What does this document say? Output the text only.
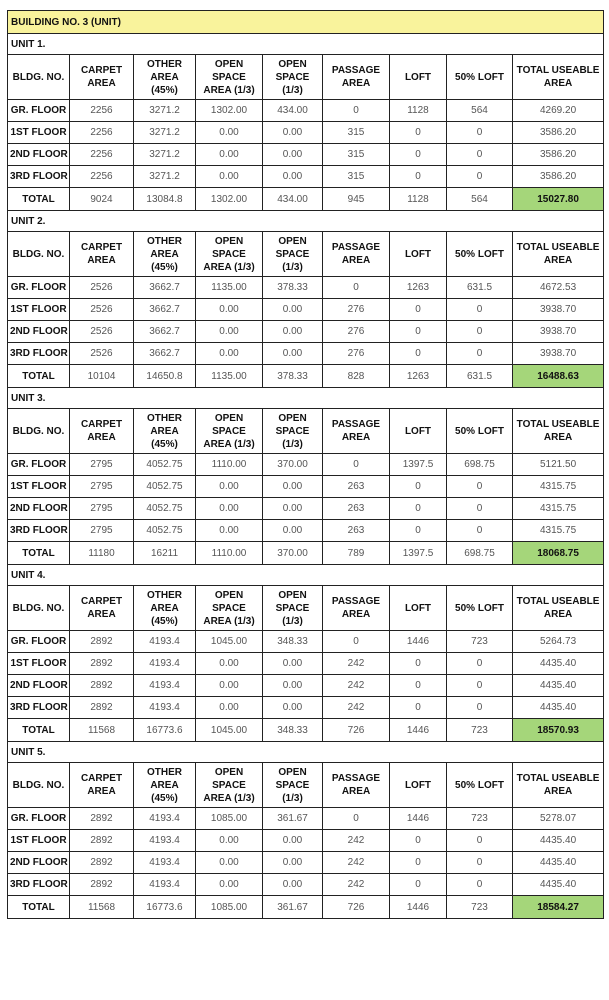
BUILDING NO. 3 (UNIT)								
UNIT 1.								
BLDG. NO.	CARPET AREA	OTHER AREA (45%)	OPEN SPACE AREA (1/3)	OPEN SPACE (1/3)	PASSAGE AREA	LOFT	50% LOFT	TOTAL USEABLE AREA
GR. FLOOR	2256	3271.2	1302.00	434.00	0	1128	564	4269.20
1ST FLOOR	2256	3271.2	0.00	0.00	315	0	0	3586.20
2ND FLOOR	2256	3271.2	0.00	0.00	315	0	0	3586.20
3RD FLOOR	2256	3271.2	0.00	0.00	315	0	0	3586.20
TOTAL	9024	13084.8	1302.00	434.00	945	1128	564	15027.80
UNIT 2.								
BLDG. NO.	CARPET AREA	OTHER AREA (45%)	OPEN SPACE AREA (1/3)	OPEN SPACE (1/3)	PASSAGE AREA	LOFT	50% LOFT	TOTAL USEABLE AREA
GR. FLOOR	2526	3662.7	1135.00	378.33	0	1263	631.5	4672.53
1ST FLOOR	2526	3662.7	0.00	0.00	276	0	0	3938.70
2ND FLOOR	2526	3662.7	0.00	0.00	276	0	0	3938.70
3RD FLOOR	2526	3662.7	0.00	0.00	276	0	0	3938.70
TOTAL	10104	14650.8	1135.00	378.33	828	1263	631.5	16488.63
UNIT 3.								
BLDG. NO.	CARPET AREA	OTHER AREA (45%)	OPEN SPACE AREA (1/3)	OPEN SPACE (1/3)	PASSAGE AREA	LOFT	50% LOFT	TOTAL USEABLE AREA
GR. FLOOR	2795	4052.75	1110.00	370.00	0	1397.5	698.75	5121.50
1ST FLOOR	2795	4052.75	0.00	0.00	263	0	0	4315.75
2ND FLOOR	2795	4052.75	0.00	0.00	263	0	0	4315.75
3RD FLOOR	2795	4052.75	0.00	0.00	263	0	0	4315.75
TOTAL	11180	16211	1110.00	370.00	789	1397.5	698.75	18068.75
UNIT 4.								
BLDG. NO.	CARPET AREA	OTHER AREA (45%)	OPEN SPACE AREA (1/3)	OPEN SPACE (1/3)	PASSAGE AREA	LOFT	50% LOFT	TOTAL USEABLE AREA
GR. FLOOR	2892	4193.4	1045.00	348.33	0	1446	723	5264.73
1ST FLOOR	2892	4193.4	0.00	0.00	242	0	0	4435.40
2ND FLOOR	2892	4193.4	0.00	0.00	242	0	0	4435.40
3RD FLOOR	2892	4193.4	0.00	0.00	242	0	0	4435.40
TOTAL	11568	16773.6	1045.00	348.33	726	1446	723	18570.93
UNIT 5.								
BLDG. NO.	CARPET AREA	OTHER AREA (45%)	OPEN SPACE AREA (1/3)	OPEN SPACE (1/3)	PASSAGE AREA	LOFT	50% LOFT	TOTAL USEABLE AREA
GR. FLOOR	2892	4193.4	1085.00	361.67	0	1446	723	5278.07
1ST FLOOR	2892	4193.4	0.00	0.00	242	0	0	4435.40
2ND FLOOR	2892	4193.4	0.00	0.00	242	0	0	4435.40
3RD FLOOR	2892	4193.4	0.00	0.00	242	0	0	4435.40
TOTAL	11568	16773.6	1085.00	361.67	726	1446	723	18584.27
